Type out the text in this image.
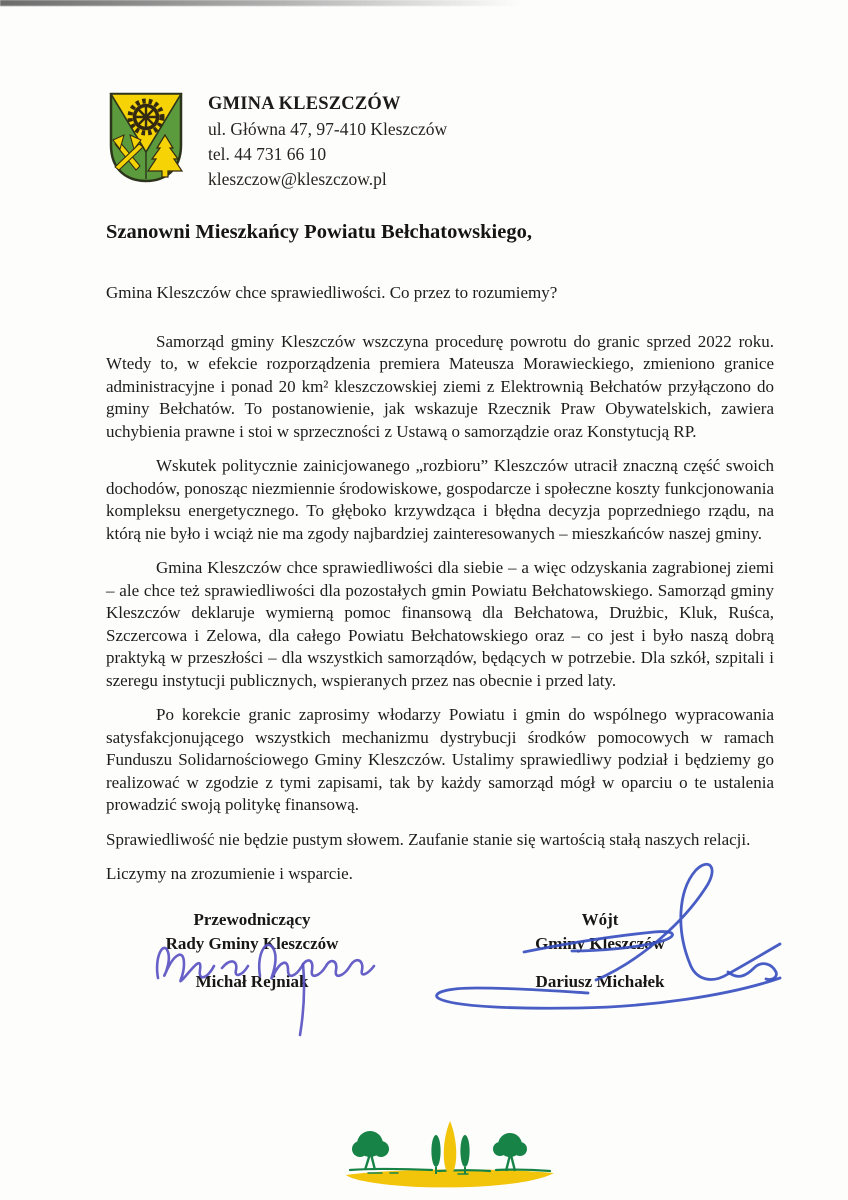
GMINA KLESZCZÓW
ul. Główna 47, 97-410 Kleszczów
tel. 44 731 66 10
kleszczow@kleszczow.pl
Szanowni Mieszkańcy Powiatu Bełchatowskiego,

Gmina Kleszczów chce sprawiedliwości. Co przez to rozumiemy?

Samorząd gminy Kleszczów wszczyna procedurę powrotu do granic sprzed 2022 roku. Wtedy to, w efekcie rozporządzenia premiera Mateusza Morawieckiego, zmieniono granice administracyjne i ponad 20 km² kleszczowskiej ziemi z Elektrownią Bełchatów przyłączono do gminy Bełchatów. To postanowienie, jak wskazuje Rzecznik Praw Obywatelskich, zawiera uchybienia prawne i stoi w sprzeczności z Ustawą o samorządzie oraz Konstytucją RP.

Wskutek politycznie zainicjowanego „rozbioru” Kleszczów utracił znaczną część swoich dochodów, ponosząc niezmiennie środowiskowe, gospodarcze i społeczne koszty funkcjonowania kompleksu energetycznego. To głęboko krzywdząca i błędna decyzja poprzedniego rządu, na którą nie było i wciąż nie ma zgody najbardziej zainteresowanych – mieszkańców naszej gminy.

Gmina Kleszczów chce sprawiedliwości dla siebie – a więc odzyskania zagrabionej ziemi – ale chce też sprawiedliwości dla pozostałych gmin Powiatu Bełchatowskiego. Samorząd gminy Kleszczów deklaruje wymierną pomoc finansową dla Bełchatowa, Drużbic, Kluk, Ruśca, Szczercowa i Zelowa, dla całego Powiatu Bełchatowskiego oraz – co jest i było naszą dobrą praktyką w przeszłości – dla wszystkich samorządów, będących w potrzebie. Dla szkół, szpitali i szeregu instytucji publicznych, wspieranych przez nas obecnie i przed laty.

Po korekcie granic zaprosimy włodarzy Powiatu i gmin do wspólnego wypracowania satysfakcjonującego wszystkich mechanizmu dystrybucji środków pomocowych w ramach Funduszu Solidarnościowego Gminy Kleszczów. Ustalimy sprawiedliwy podział i będziemy go realizować w zgodzie z tymi zapisami, tak by każdy samorząd mógł w oparciu o te ustalenia prowadzić swoją politykę finansową.

Sprawiedliwość nie będzie pustym słowem. Zaufanie stanie się wartością stałą naszych relacji.

Liczymy na zrozumienie i wsparcie.

Przewodniczący
Rady Gminy Kleszczów
Michał Rejniak
Wójt
Gminy Kleszczów
Dariusz Michałek
